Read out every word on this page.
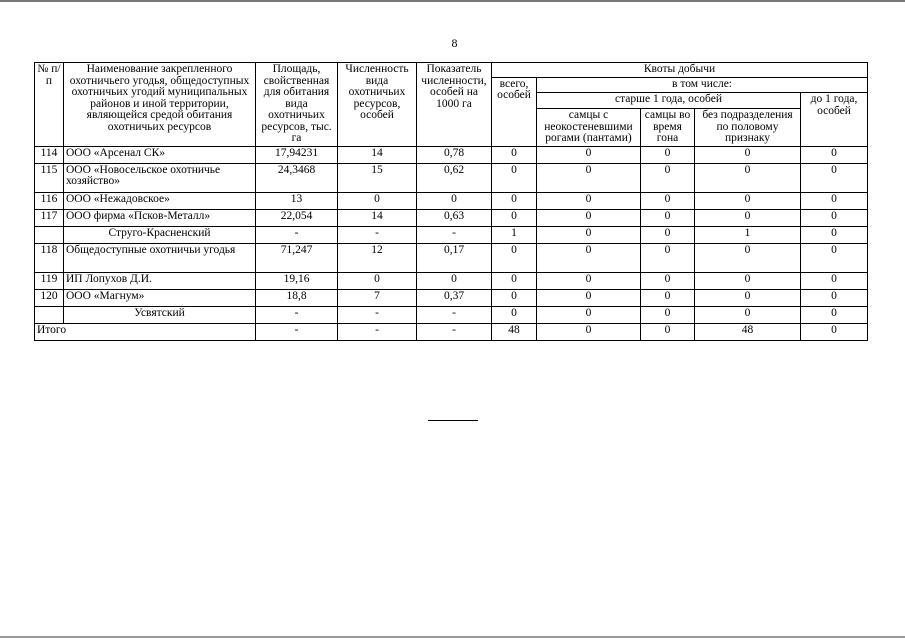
8
№ п/п	Наименование закрепленного охотничьего угодья, общедоступных охотничьих угодий муниципальных районов и иной территории, являющейся средой обитания охотничьих ресурсов	Площадь, свойственная для обитания вида охотничьих ресурсов, тыс. га	Численность вида охотничьих ресурсов, особей	Показатель численности, особей на 1000 га	Квоты добычи				
					всего, особей	в том числе:			
						старше 1 года, особей			до 1 года, особей
						самцы с неокостеневшими рогами (пантами)	самцы во время гона	без подразделения по половому признаку	
114	ООО «Арсенал СК»	17,94231	14	0,78	0	0	0	0	0
115	ООО «Новосельское охотничье хозяйство»	24,3468	15	0,62	0	0	0	0	0
116	ООО «Нежадовское»	13	0	0	0	0	0	0	0
117	ООО фирма «Псков-Металл»	22,054	14	0,63	0	0	0	0	0
	Струго-Красненский	-	-	-	1	0	0	1	0
118	Общедоступные охотничьи угодья	71,247	12	0,17	0	0	0	0	0
119	ИП Лопухов Д.И.	19,16	0	0	0	0	0	0	0
120	ООО «Магнум»	18,8	7	0,37	0	0	0	0	0
	Усвятский	-	-	-	0	0	0	0	0
Итого		-	-	-	48	0	0	48	0
